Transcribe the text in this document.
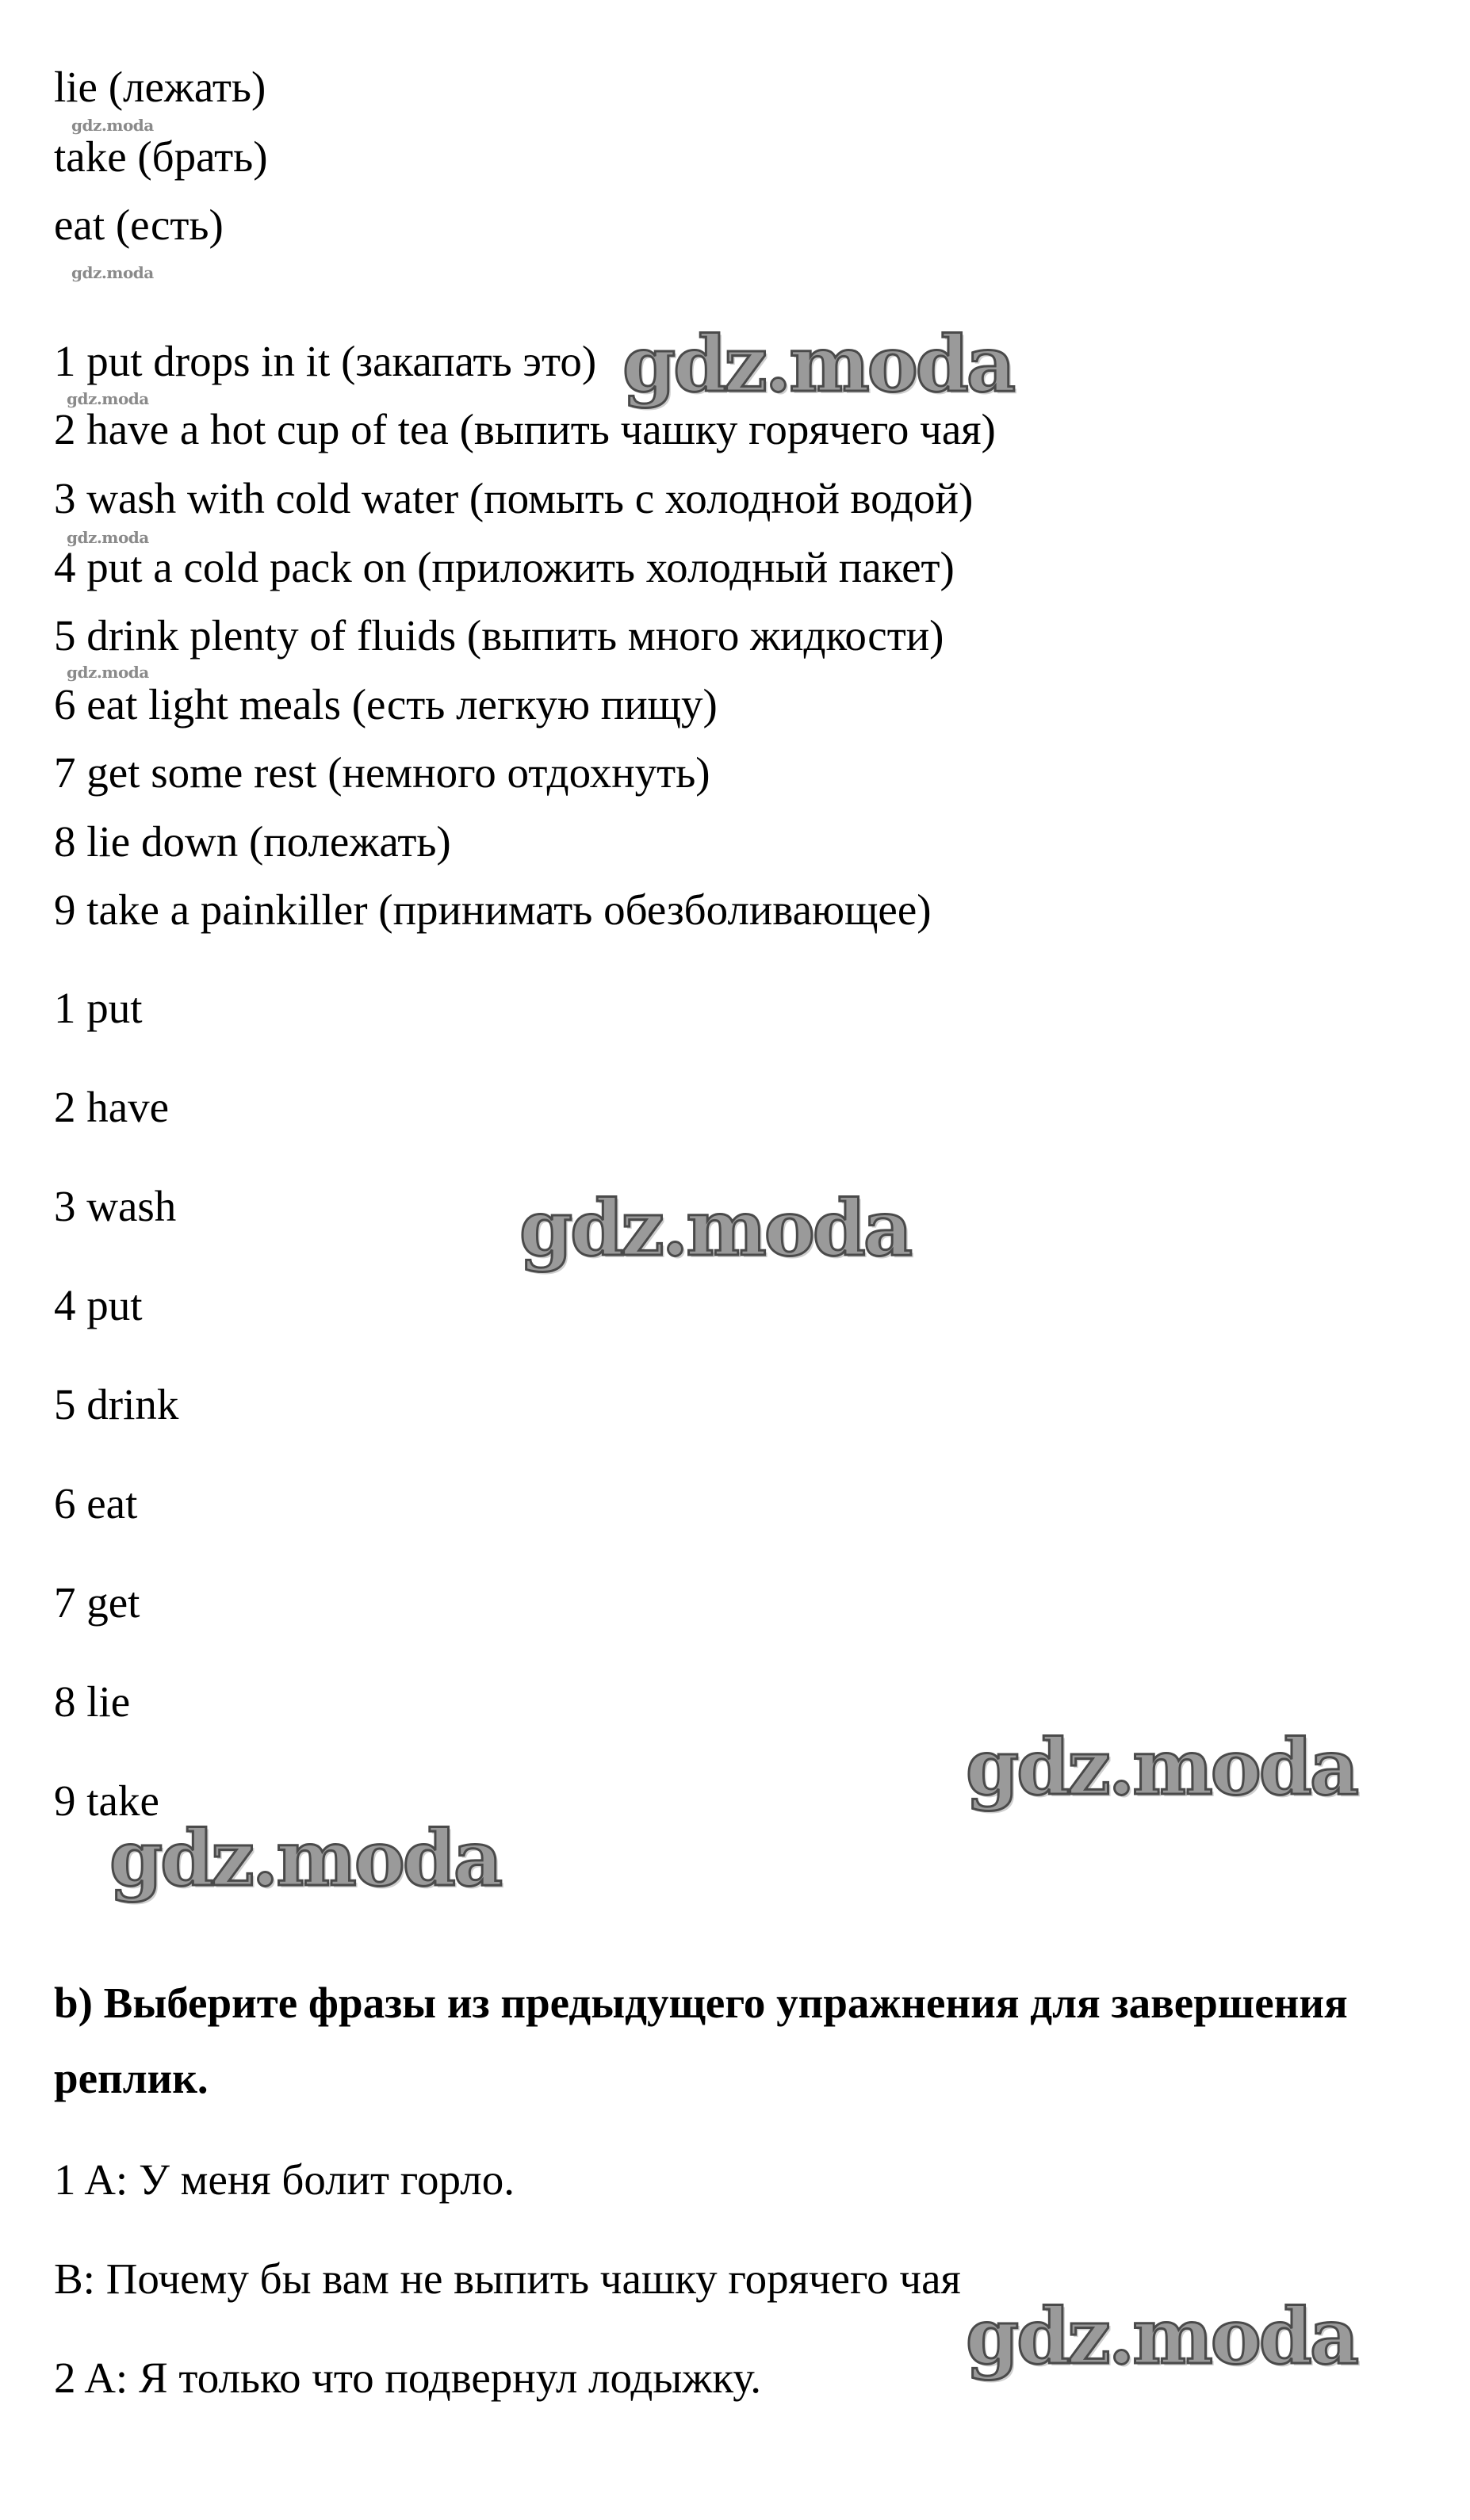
lie (лежать)

take (брать)

eat (есть)

1 put drops in it (закапать это)

2 have a hot cup of tea (выпить чашку горячего чая)

3 wash with cold water (помыть с холодной водой)

4 put a cold pack on (приложить холодный пакет)

5 drink plenty of fluids (выпить много жидкости)

6 eat light meals (есть легкую пищу)

7 get some rest (немного отдохнуть)

8 lie down (полежать)

9 take a painkiller (принимать обезболивающее)

1 put

2 have

3 wash

4 put

5 drink

6 eat

7 get

8 lie

9 take

b) Выберите фразы из предыдущего упражнения для завершения

реплик.

1 A: У меня болит горло.

B: Почему бы вам не выпить чашку горячего чая

2 A: Я только что подвернул лодыжку.

gdz.moda
gdz.moda
gdz.moda
gdz.moda
gdz.moda
gdz.moda
gdz.moda
gdz.moda
gdz.moda
gdz.moda
